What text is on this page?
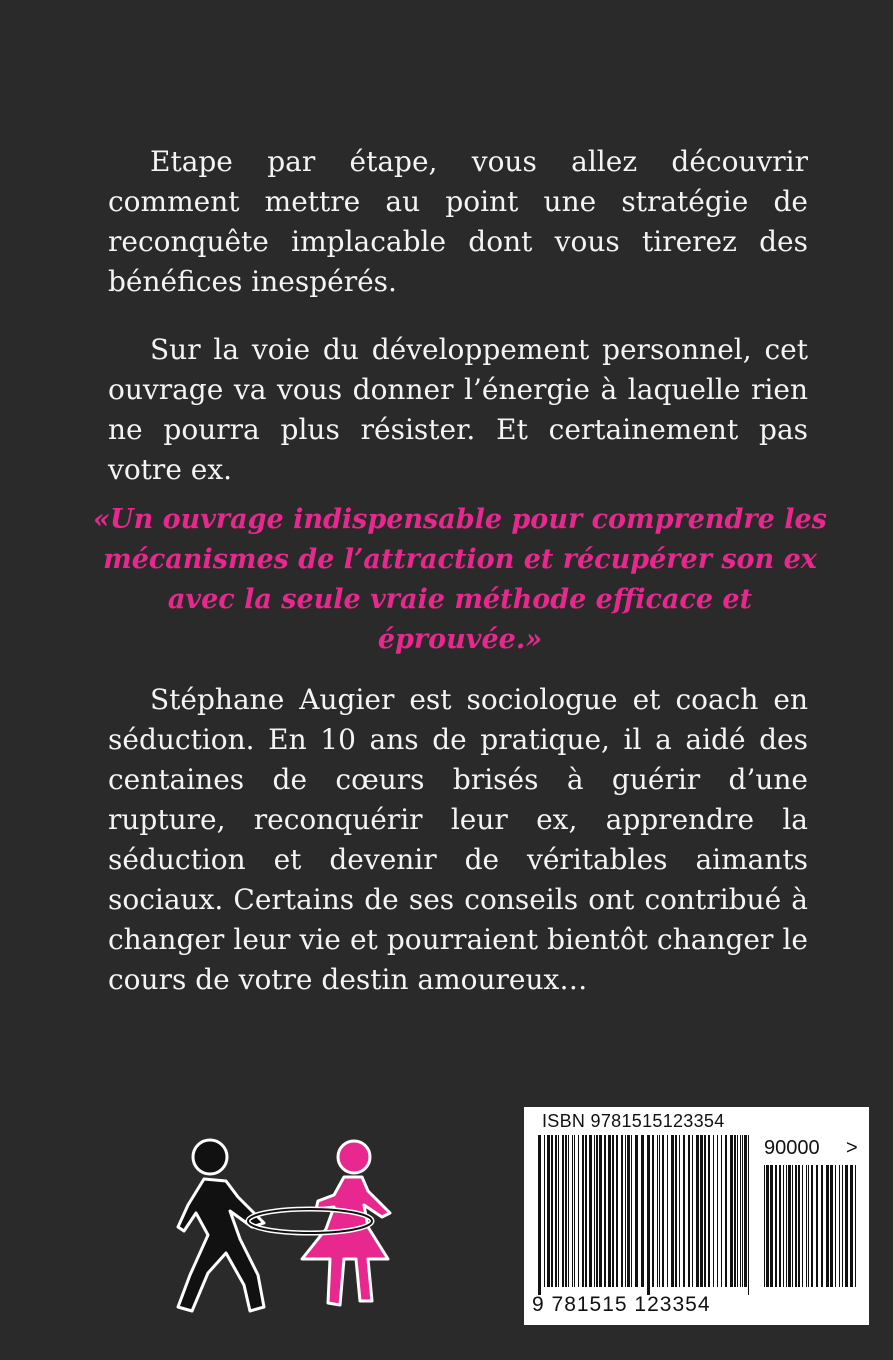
Etape par étape, vous allez découvrir comment mettre au point une stratégie de reconquête implacable dont vous tirerez des bénéfices inespérés.

Sur la voie du développement personnel, cet ouvrage va vous donner l’énergie à laquelle rien ne pourra plus résister. Et certainement pas votre ex.

«Un ouvrage indispensable pour comprendre les mécanismes de l’attraction et récupérer son ex avec la seule vraie méthode efficace et éprouvée.»

Stéphane Augier est sociologue et coach en séduction. En 10 ans de pratique, il a aidé des centaines de cœurs brisés à guérir d’une rupture, reconquérir leur ex, apprendre la séduction et devenir de véritables aimants sociaux. Certains de ses conseils ont contribué à changer leur vie et pourraient bientôt changer le cours de votre destin amoureux…

ISBN 9781515123354
90000 >
9 781515 123354
